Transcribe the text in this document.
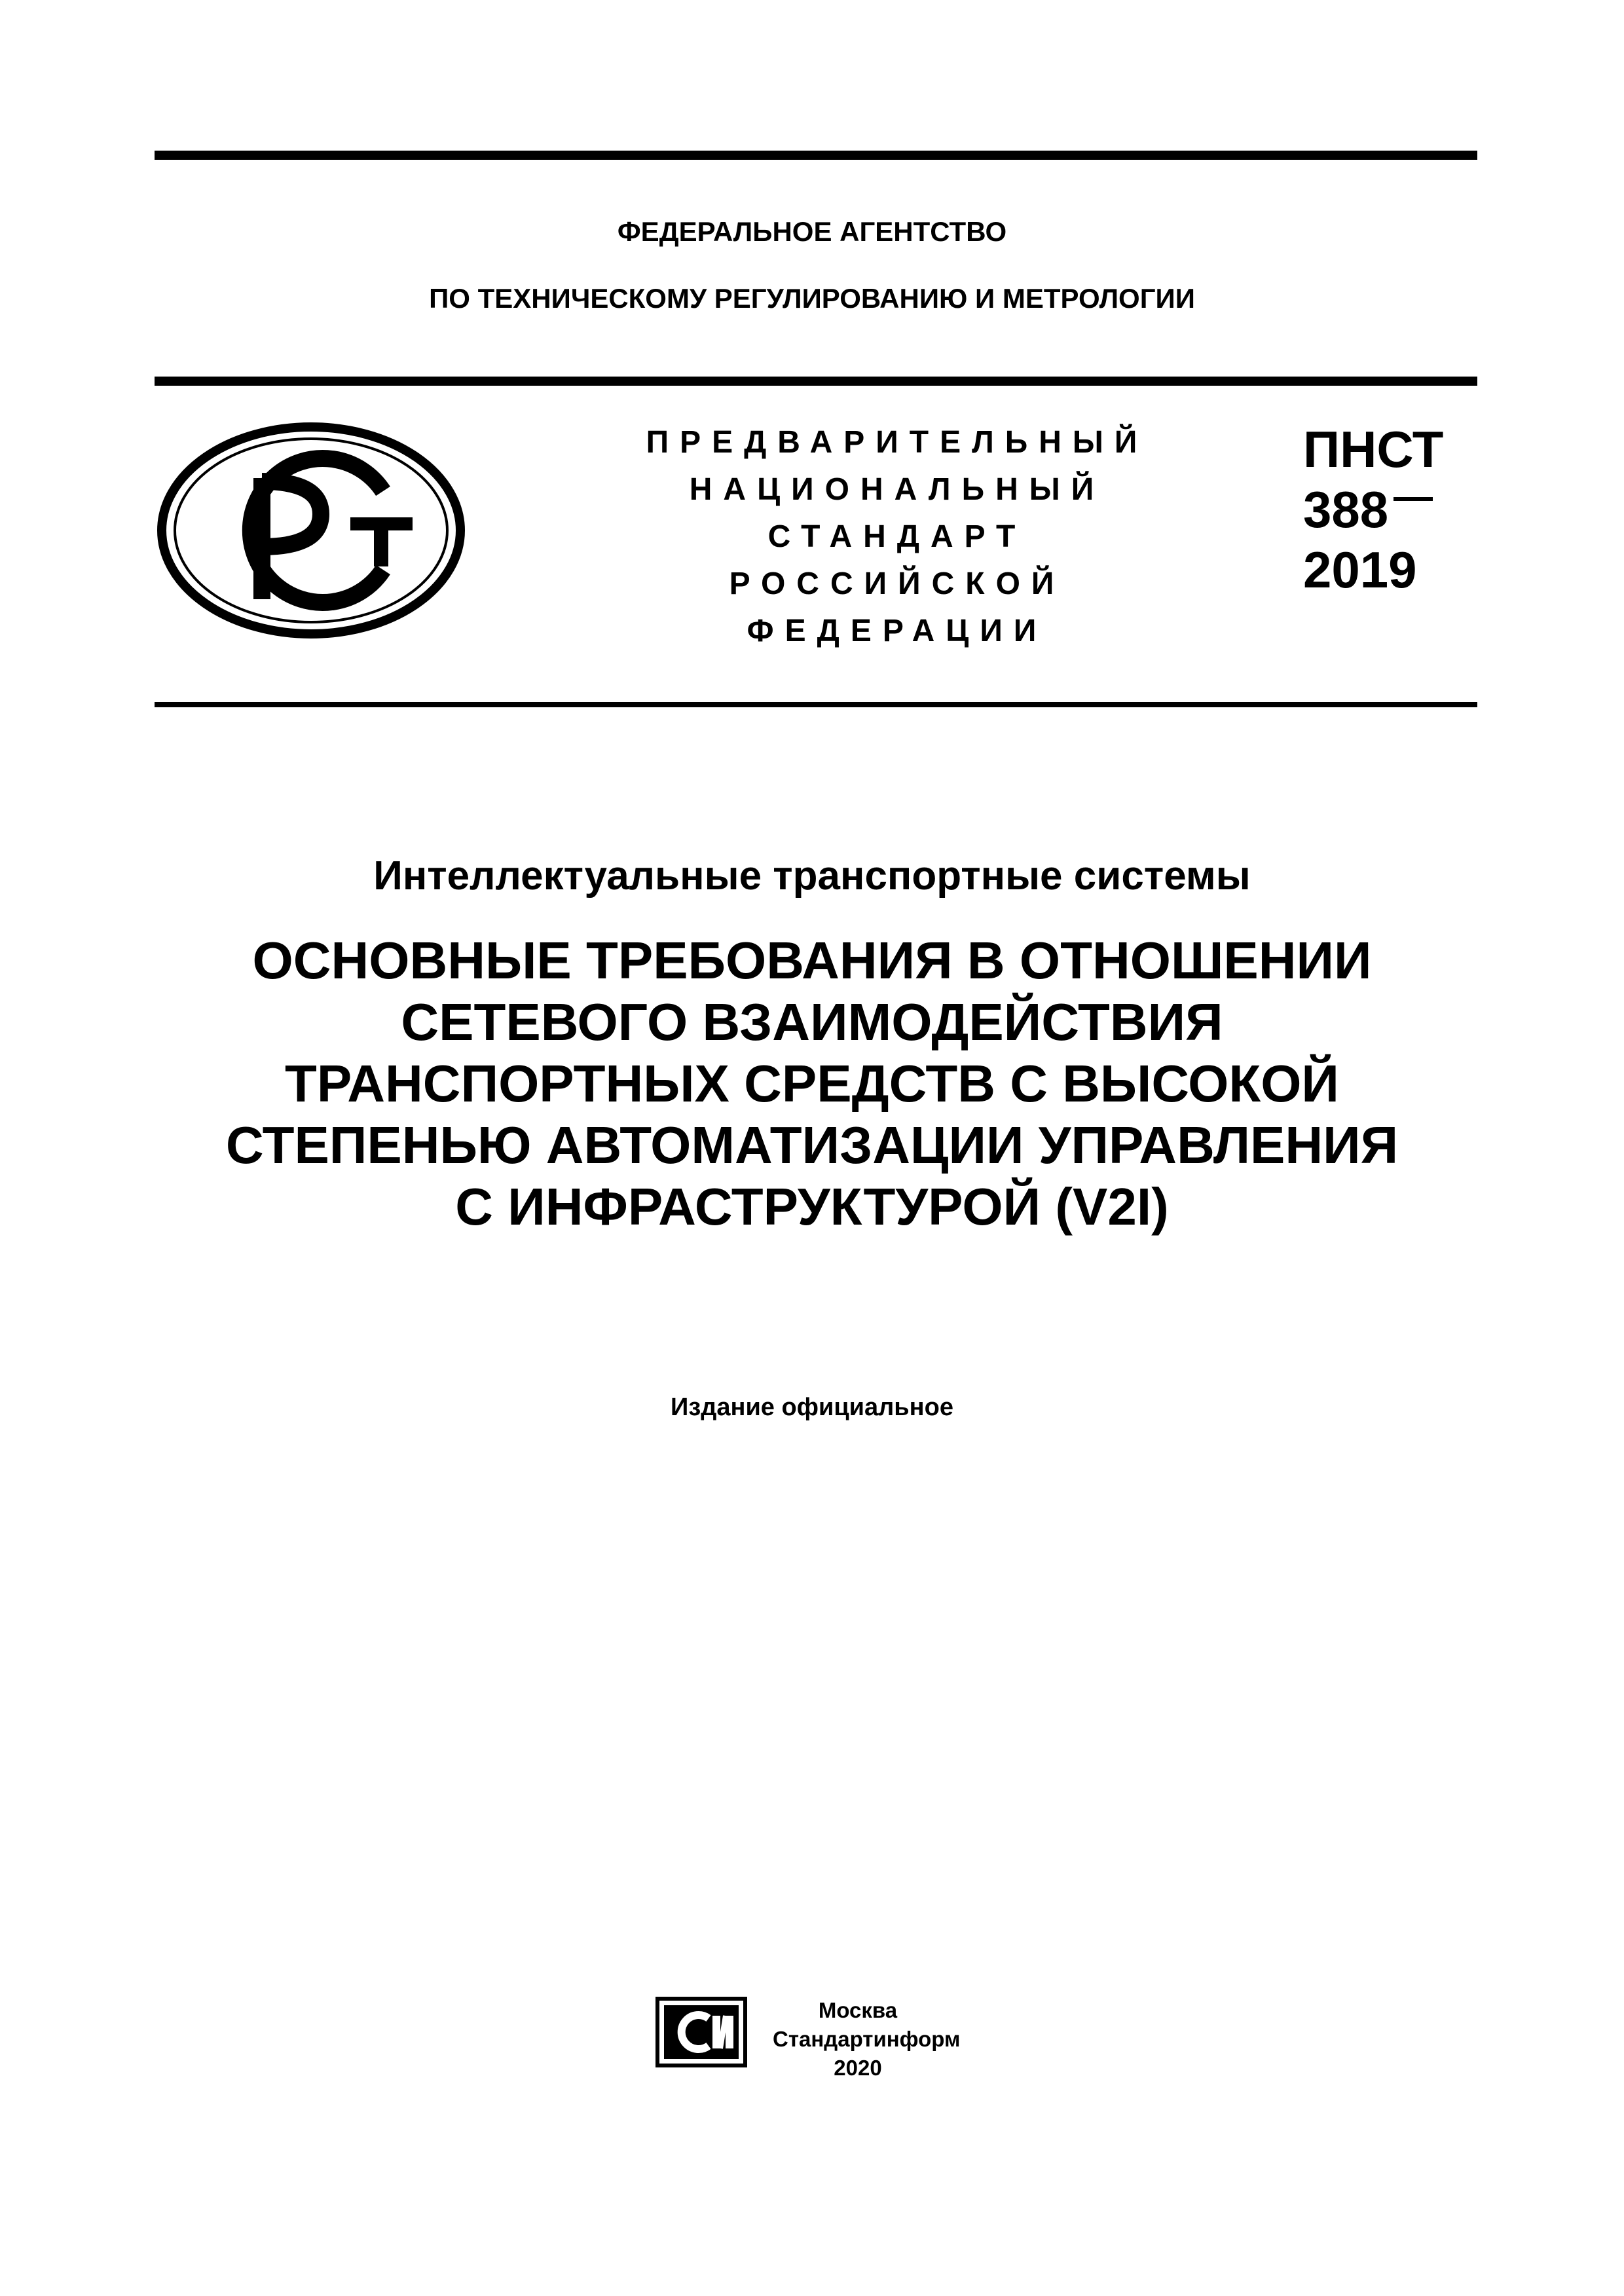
ФЕДЕРАЛЬНОЕ АГЕНТСТВО
ПО ТЕХНИЧЕСКОМУ РЕГУЛИРОВАНИЮ И МЕТРОЛОГИИ
ПРЕДВАРИТЕЛЬНЫЙ
НАЦИОНАЛЬНЫЙ
СТАНДАРТ
РОССИЙСКОЙ
ФЕДЕРАЦИИ
ПНСТ
388
2019
Интеллектуальные транспортные системы
ОСНОВНЫЕ ТРЕБОВАНИЯ В ОТНОШЕНИИ
СЕТЕВОГО ВЗАИМОДЕЙСТВИЯ
ТРАНСПОРТНЫХ СРЕДСТВ С ВЫСОКОЙ
СТЕПЕНЬЮ АВТОМАТИЗАЦИИ УПРАВЛЕНИЯ
С ИНФРАСТРУКТУРОЙ (V2I)
Издание официальное
Москва
Стандартинформ
2020
